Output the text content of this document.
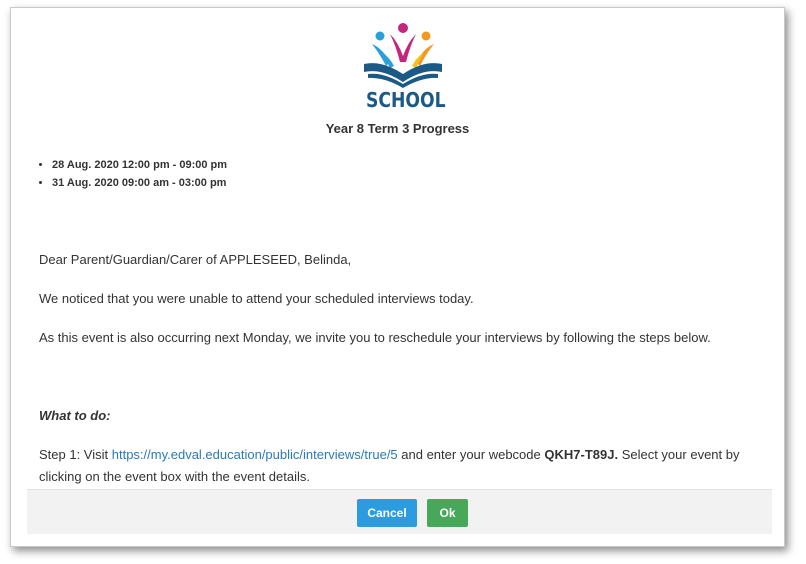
SCHOOL
Year 8 Term 3 Progress
• 28 Aug. 2020 12:00 pm - 09:00 pm
• 31 Aug. 2020 09:00 am - 03:00 pm
Dear Parent/Guardian/Carer of APPLESEED, Belinda,
We noticed that you were unable to attend your scheduled interviews today.
As this event is also occurring next Monday, we invite you to reschedule your interviews by following the steps below.
What to do:
Step 1: Visit https://my.edval.education/public/interviews/true/5 and enter your webcode QKH7-T89J. Select your event by clicking on the event box with the event details.
Cancel	Ok
